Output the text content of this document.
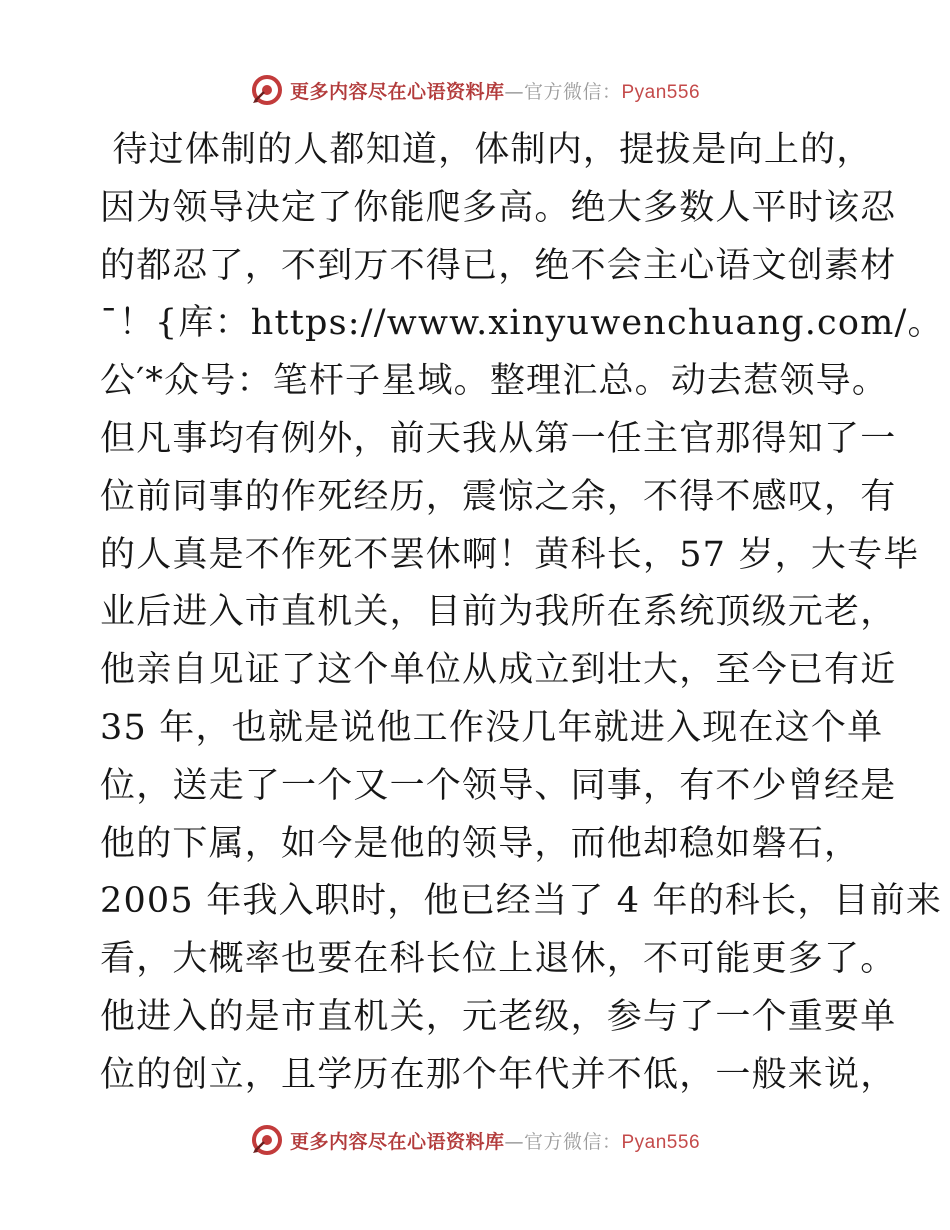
更多内容尽在心语资料库—官方微信：Pyan556
待过体制的人都知道，体制内，提拔是向上的，
因为领导决定了你能爬多高。绝大多数人平时该忍
的都忍了，不到万不得已，绝不会主心语文创素材
¯！{库：https://www.xinyuwenchuang.com/。
公′*众号：笔杆子星域。整理汇总。动去惹领导。
但凡事均有例外，前天我从第一任主官那得知了一
位前同事的作死经历，震惊之余，不得不感叹，有
的人真是不作死不罢休啊！黄科长，57 岁，大专毕
业后进入市直机关，目前为我所在系统顶级元老，
他亲自见证了这个单位从成立到壮大，至今已有近
35 年，也就是说他工作没几年就进入现在这个单
位，送走了一个又一个领导、同事，有不少曾经是
他的下属，如今是他的领导，而他却稳如磐石，
2005 年我入职时，他已经当了 4 年的科长，目前来
看，大概率也要在科长位上退休，不可能更多了。
他进入的是市直机关，元老级，参与了一个重要单
位的创立，且学历在那个年代并不低，一般来说，
更多内容尽在心语资料库—官方微信：Pyan556
